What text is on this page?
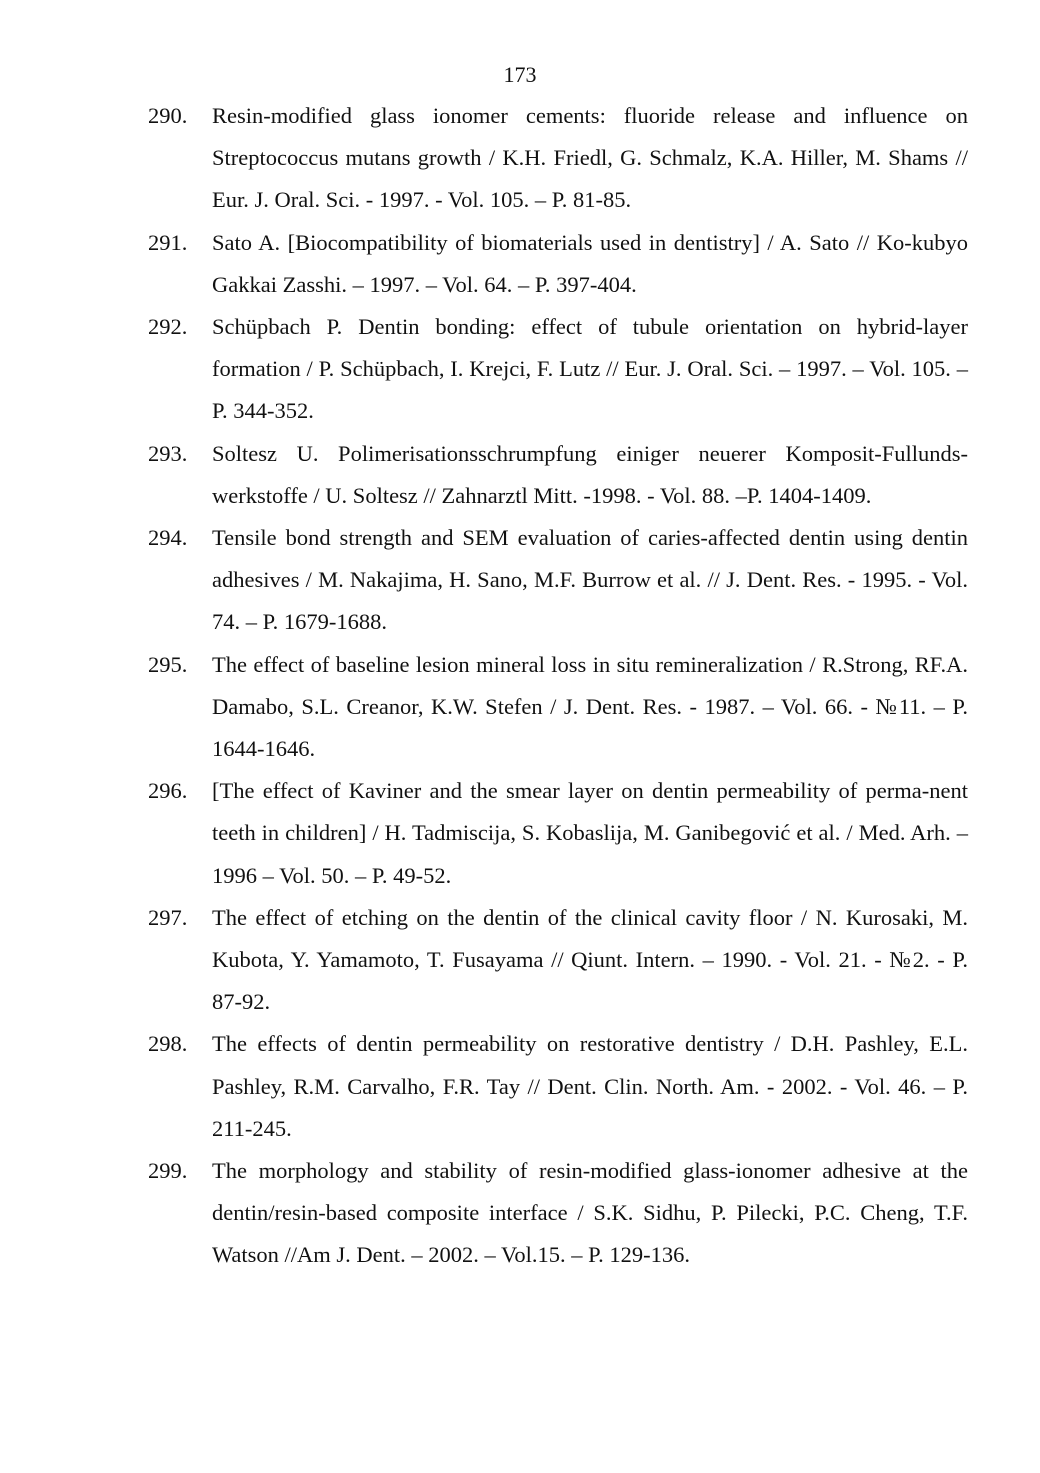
173
290.	Resin-modified glass ionomer cements: fluoride release and influence on Streptococcus mutans growth / K.H. Friedl, G. Schmalz, K.A. Hiller, M. Shams // Eur. J. Oral. Sci. - 1997. - Vol. 105. – P. 81-85.
291.	Sato A. [Biocompatibility of biomaterials used in dentistry] / A. Sato // Ko-kubyo Gakkai Zasshi. – 1997. – Vol. 64. – P. 397-404.
292.	Schüpbach P. Dentin bonding: effect of tubule orientation on hybrid-layer formation / P. Schüpbach, I. Krejci, F. Lutz // Eur. J. Oral. Sci. – 1997. – Vol. 105. – P. 344-352.
293.	Soltesz U. Polimerisationsschrumpfung einiger neuerer Komposit-Fullunds-werkstoffe / U. Soltesz // Zahnarztl Mitt. -1998. - Vol. 88. –P. 1404-1409.
294.	Tensile bond strength and SEM evaluation of caries-affected dentin using dentin adhesives / M. Nakajima, H. Sano, M.F. Burrow et al. // J. Dent. Res. - 1995. - Vol. 74. – P. 1679-1688.
295.	The effect of baseline lesion mineral loss in situ remineralization / R.Strong, RF.A. Damabo, S.L. Creanor, K.W. Stefen / J. Dent. Res. - 1987. – Vol. 66. - №11. – P. 1644-1646.
296.	[The effect of Kaviner and the smear layer on dentin permeability of perma-nent teeth in children] / H. Tadmiscija, S. Kobaslija, M. Ganibegović et al. / Med. Arh. – 1996 – Vol. 50. – P. 49-52.
297.	The effect of etching on the dentin of the clinical cavity floor / N. Kurosaki, M. Kubota, Y. Yamamoto, T. Fusayama // Qiunt. Intern. – 1990. - Vol. 21. - №2. - P. 87-92.
298.	The effects of dentin permeability on restorative dentistry / D.H. Pashley, E.L. Pashley, R.M. Carvalho, F.R. Tay // Dent. Clin. North. Am. - 2002. - Vol. 46. – P. 211-245.
299.	The morphology and stability of resin-modified glass-ionomer adhesive at the dentin/resin-based composite interface / S.K. Sidhu, P. Pilecki, P.C. Cheng, T.F. Watson //Am J. Dent. – 2002. – Vol.15. – P. 129-136.
